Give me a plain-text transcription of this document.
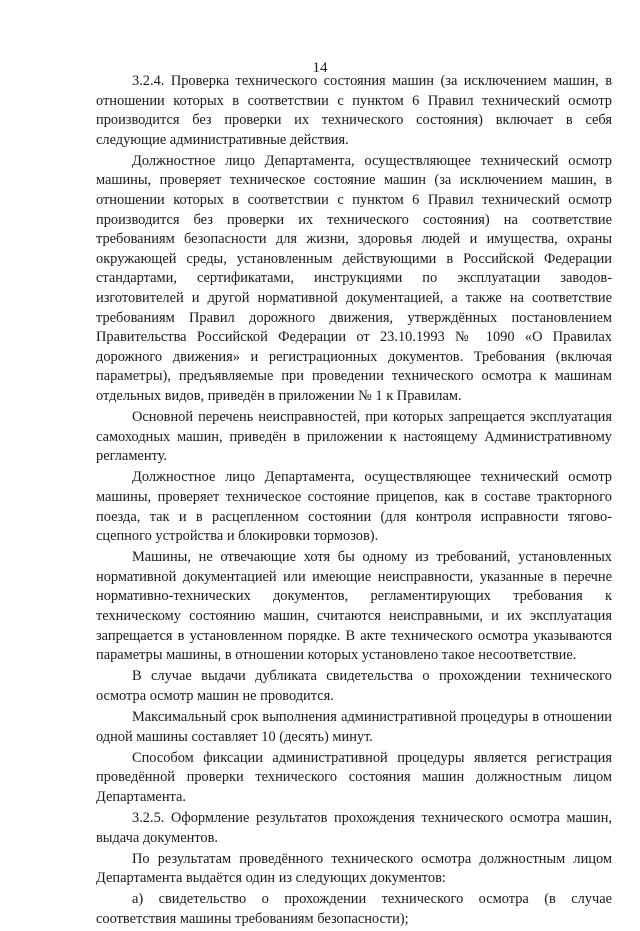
14

3.2.4. Проверка технического состояния машин (за исключением машин, в отношении которых в соответствии с пунктом 6 Правил технический осмотр производится без проверки их технического состояния) включает в себя следующие административные действия.

Должностное лицо Департамента, осуществляющее технический осмотр машины, проверяет техническое состояние машин (за исключением машин, в отношении которых в соответствии с пунктом 6 Правил технический осмотр производится без проверки их технического состояния) на соответствие требованиям безопасности для жизни, здоровья людей и имущества, охраны окружающей среды, установленным действующими в Российской Федерации стандартами, сертификатами, инструкциями по эксплуатации заводов-изготовителей и другой нормативной документацией, а также на соответствие требованиям Правил дорожного движения, утверждённых постановлением Правительства Российской Федерации от 23.10.1993 № 1090 «О Правилах дорожного движения» и регистрационных документов. Требования (включая параметры), предъявляемые при проведении технического осмотра к машинам отдельных видов, приведён в приложении № 1 к Правилам.

Основной перечень неисправностей, при которых запрещается эксплуатация самоходных машин, приведён в приложении к настоящему Административному регламенту.

Должностное лицо Департамента, осуществляющее технический осмотр машины, проверяет техническое состояние прицепов, как в составе тракторного поезда, так и в расцепленном состоянии (для контроля исправности тягово-сцепного устройства и блокировки тормозов).

Машины, не отвечающие хотя бы одному из требований, установленных нормативной документацией или имеющие неисправности, указанные в перечне нормативно-технических документов, регламентирующих требования к техническому состоянию машин, считаются неисправными, и их эксплуатация запрещается в установленном порядке. В акте технического осмотра указываются параметры машины, в отношении которых установлено такое несоответствие.

В случае выдачи дубликата свидетельства о прохождении технического осмотра осмотр машин не проводится.

Максимальный срок выполнения административной процедуры в отношении одной машины составляет 10 (десять) минут.

Способом фиксации административной процедуры является регистрация проведённой проверки технического состояния машин должностным лицом Департамента.

3.2.5. Оформление результатов прохождения технического осмотра машин, выдача документов.

По результатам проведённого технического осмотра должностным лицом Департамента выдаётся один из следующих документов:

а) свидетельство о прохождении технического осмотра (в случае соответствия машины требованиям безопасности);
